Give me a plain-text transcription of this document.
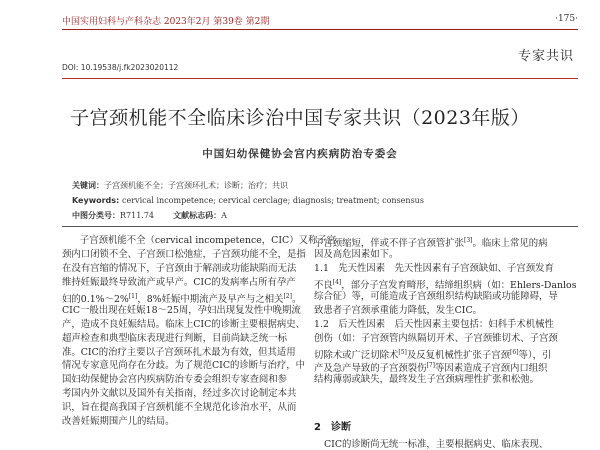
中国实用妇科与产科杂志 2023年2月 第39卷 第2期	·175·
专家共识
DOI: 10.19538/j.fk2023020112
子宫颈机能不全临床诊治中国专家共识（2023年版）
中国妇幼保健协会宫内疾病防治专委会
关键词：子宫颈机能不全；子宫颈环扎术；诊断；治疗；共识
Keywords: cervical incompetence; cervical cerclage; diagnosis; treatment; consensus
中图分类号：R711.74 文献标志码：A
子宫颈机能不全（cervical incompetence，CIC）又称子宫
颈内口闭锁不全、子宫颈口松弛症，子宫颈功能不全，是指
在没有宫缩的情况下，子宫颈由于解剖或功能缺陷而无法
维持妊娠最终导致流产或早产。CIC的发病率占所有孕产
妇的0.1%～2%[1]，8%妊娠中期流产及早产与之相关[2]。
CIC一般出现在妊娠18～25周，孕妇出现复发性中晚期流
产，造成不良妊娠结局。临床上CIC的诊断主要根据病史、
超声检查和典型临床表现进行判断，目前尚缺乏统一标
准。CIC的治疗主要以子宫颈环扎术最为有效，但其适用
情况专家意见尚存在分歧。为了规范CIC的诊断与治疗，中
国妇幼保健协会宫内疾病防治专委会组织专家查阅和参
考国内外文献以及国外有关指南，经过多次讨论制定本共
识，旨在提高我国子宫颈机能不全规范化诊治水平，从而
改善妊娠期围产儿的结局。
子宫颈缩短，伴或不伴子宫颈管扩张[3]。临床上常见的病
因及高危因素如下。
1.1　先天性因素　先天性因素有子宫颈缺如、子宫颈发育
不良[4]，部分子宫发育畸形，结缔组织病（如：Ehlers-Danlos
综合征）等，可能造成子宫颈组织结构缺陷或功能障碍，导
致患者子宫颈承重能力降低，发生CIC。
1.2　后天性因素　后天性因素主要包括：妇科手术机械性
创伤（如：子宫颈管内纵隔切开术、子宫颈锥切术、子宫颈
切除术或广泛切除术[5]及反复机械性扩张子宫颈[6]等），引
产及急产导致的子宫颈裂伤[7]等因素造成子宫颈内口组织
结构薄弱或缺失，最终发生子宫颈病理性扩张和松弛。
2　诊断
CIC的诊断尚无统一标准，主要根据病史、临床表现、
